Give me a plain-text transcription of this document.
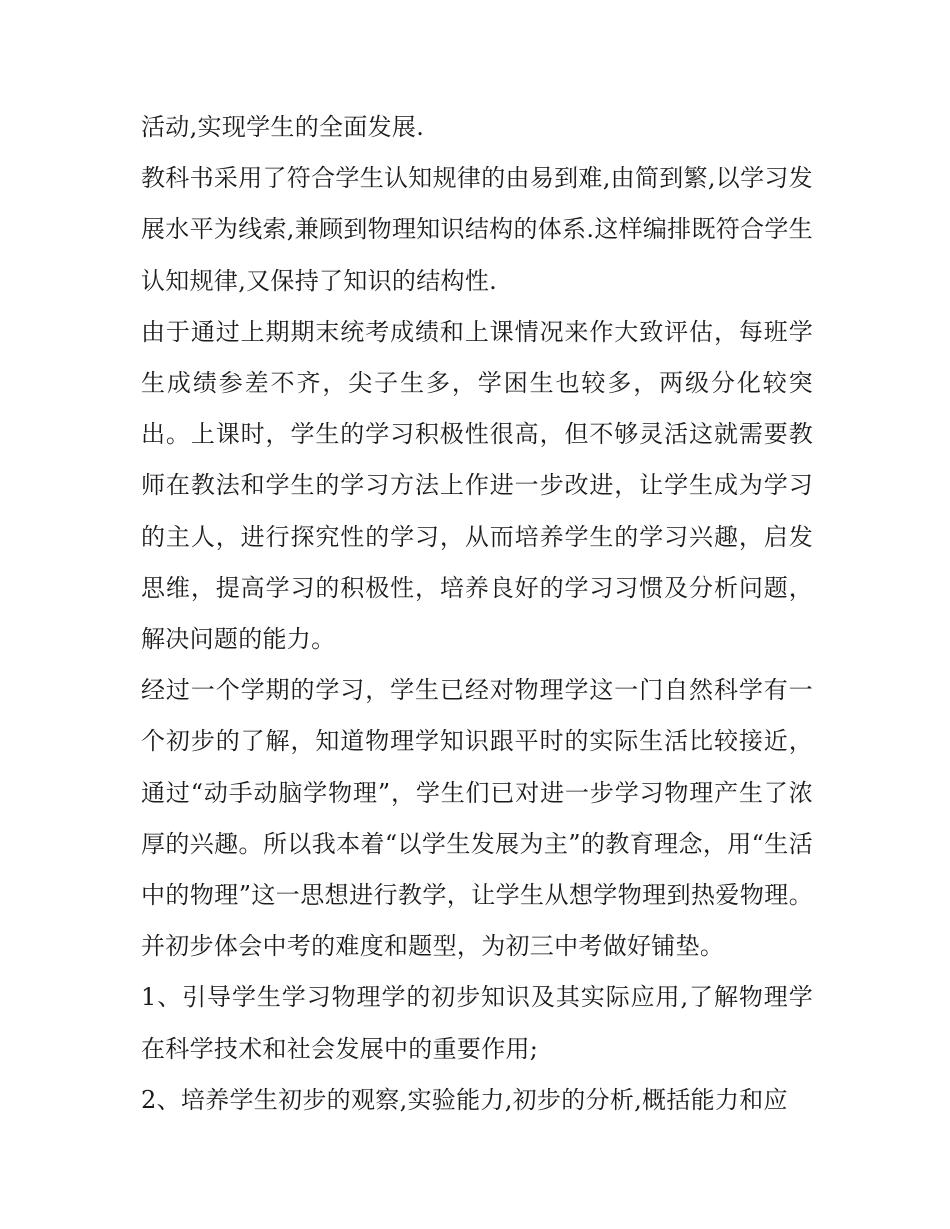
活动,实现学生的全面发展.

教科书采用了符合学生认知规律的由易到难,由简到繁,以学习发展水平为线索,兼顾到物理知识结构的体系.这样编排既符合学生认知规律,又保持了知识的结构性.

由于通过上期期末统考成绩和上课情况来作大致评估，每班学生成绩参差不齐，尖子生多，学困生也较多，两级分化较突出。上课时，学生的学习积极性很高，但不够灵活这就需要教师在教法和学生的学习方法上作进一步改进，让学生成为学习的主人，进行探究性的学习，从而培养学生的学习兴趣，启发思维，提高学习的积极性，培养良好的学习习惯及分析问题，解决问题的能力。

经过一个学期的学习，学生已经对物理学这一门自然科学有一个初步的了解，知道物理学知识跟平时的实际生活比较接近，通过“动手动脑学物理”，学生们已对进一步学习物理产生了浓厚的兴趣。所以我本着“以学生发展为主”的教育理念，用“生活中的物理”这一思想进行教学，让学生从想学物理到热爱物理。并初步体会中考的难度和题型，为初三中考做好铺垫。

1、引导学生学习物理学的初步知识及其实际应用,了解物理学在科学技术和社会发展中的重要作用;

2、培养学生初步的观察,实验能力,初步的分析,概括能力和应
